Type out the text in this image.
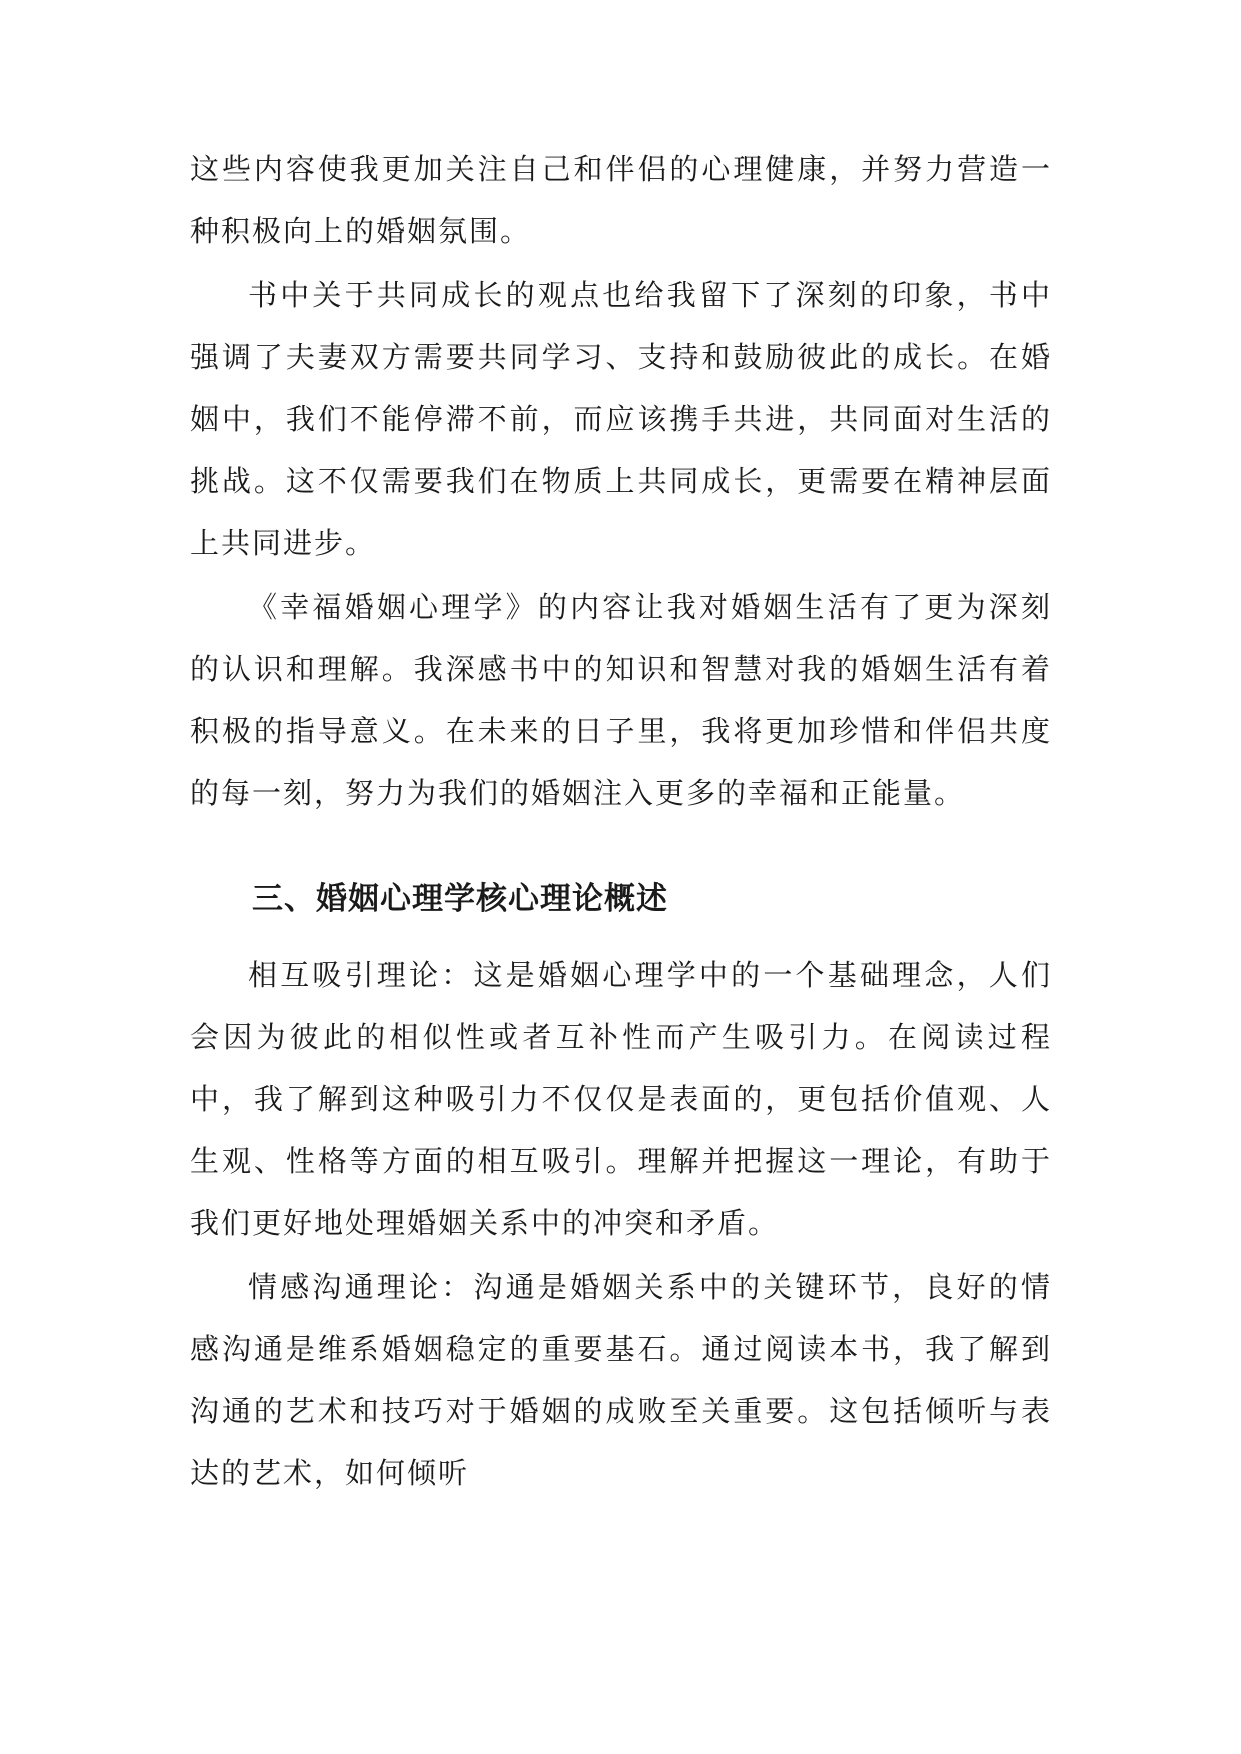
这些内容使我更加关注自己和伴侣的心理健康，并努力营造一种积极向上的婚姻氛围。

书中关于共同成长的观点也给我留下了深刻的印象，书中强调了夫妻双方需要共同学习、支持和鼓励彼此的成长。在婚姻中，我们不能停滞不前，而应该携手共进，共同面对生活的挑战。这不仅需要我们在物质上共同成长，更需要在精神层面上共同进步。

《幸福婚姻心理学》的内容让我对婚姻生活有了更为深刻的认识和理解。我深感书中的知识和智慧对我的婚姻生活有着积极的指导意义。在未来的日子里，我将更加珍惜和伴侣共度的每一刻，努力为我们的婚姻注入更多的幸福和正能量。

三、婚姻心理学核心理论概述

相互吸引理论：这是婚姻心理学中的一个基础理念，人们会因为彼此的相似性或者互补性而产生吸引力。在阅读过程中，我了解到这种吸引力不仅仅是表面的，更包括价值观、人生观、性格等方面的相互吸引。理解并把握这一理论，有助于我们更好地处理婚姻关系中的冲突和矛盾。

情感沟通理论：沟通是婚姻关系中的关键环节，良好的情感沟通是维系婚姻稳定的重要基石。通过阅读本书，我了解到沟通的艺术和技巧对于婚姻的成败至关重要。这包括倾听与表达的艺术，如何倾听
